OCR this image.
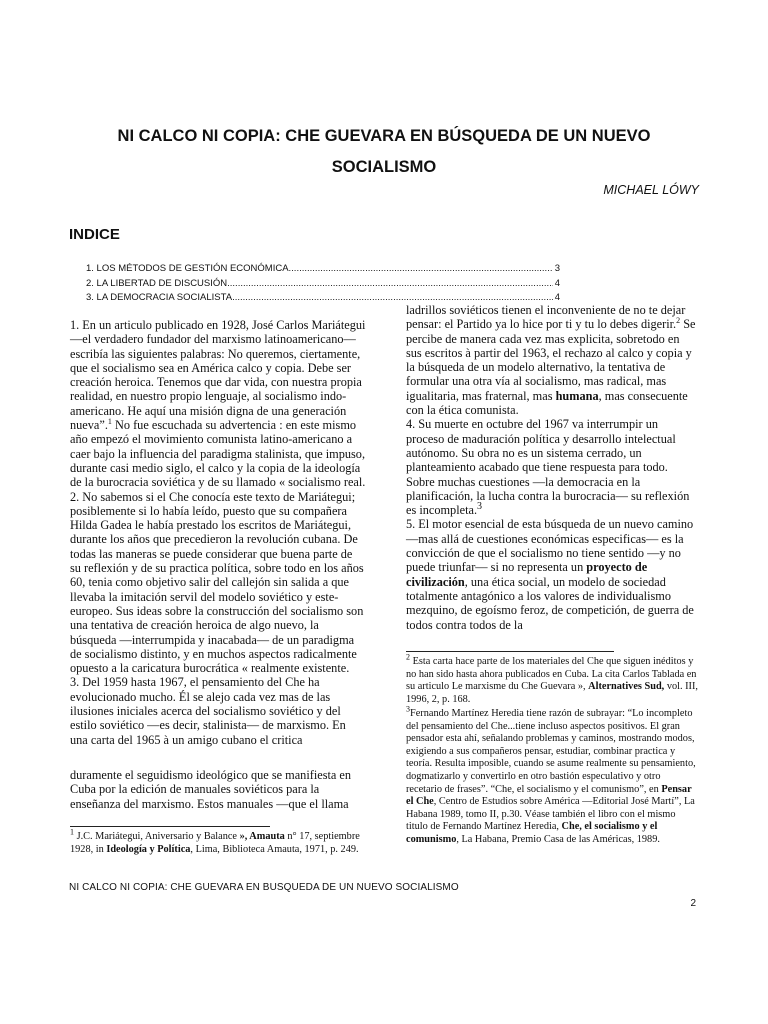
NI CALCO NI COPIA: CHE GUEVARA EN BÚSQUEDA DE UN NUEVO
SOCIALISMO
MICHAEL LÓWY
INDICE
1. LOS MÉTODOS DE GESTIÓN ECONÓMICA .....	3
2. LA LIBERTAD DE DISCUSIÓN .....	4
3. LA DEMOCRACIA SOCIALISTA .....	4

1. En un articulo publicado en 1928, José Carlos Mariátegui —el verdadero fundador del marxismo latinoamericano— escribía las siguientes palabras: No queremos, ciertamente, que el socialismo sea en América calco y copia. Debe ser creación heroica. Tenemos que dar vida, con nuestra propia realidad, en nuestro propio lenguaje, al socialismo indo-americano. He aquí una misión digna de una generación nueva”.$^1$ No fue escuchada su advertencia : en este mismo año empezó el movimiento comunista latino-americano a caer bajo la influencia del paradigma stalinista, que impuso, durante casi medio siglo, el calco y la copia de la ideología de la burocracia soviética y de su llamado « socialismo real.

2. No sabemos si el Che conocía este texto de Mariátegui; posiblemente si lo había leído, puesto que su compañera Hilda Gadea le había prestado los escritos de Mariátegui, durante los años que precedieron la revolución cubana. De todas las maneras se puede considerar que buena parte de su reflexión y de su practica política, sobre todo en los años 60, tenia como objetivo salir del callejón sin salida a que llevaba la imitación servil del modelo soviético y este-europeo. Sus ideas sobre la construcción del socialismo son una tentativa de creación heroica de algo nuevo, la búsqueda —interrumpida y inacabada— de un paradigma de socialismo distinto, y en muchos aspectos radicalmente opuesto a la caricatura burocrática « realmente existente.

3. Del 1959 hasta 1967, el pensamiento del Che ha evolucionado mucho. Él se alejo cada vez mas de las ilusiones iniciales acerca del socialismo soviético y del estilo soviético —es decir, stalinista— de marxismo. En una carta del 1965 à un amigo cubano el critica

duramente el seguidismo ideológico que se manifiesta en Cuba por la edición de manuales soviéticos para la enseñanza del marxismo. Estos manuales —que el llama

$^1$ J.C. Mariátegui, Aniversario y Balance », Amauta n° 17, septiembre 1928, in Ideología y Política, Lima, Biblioteca Amauta, 1971, p. 249.

ladrillos soviéticos tienen el inconveniente de no te dejar pensar: el Partido ya lo hice por ti y tu lo debes digerir.$^2$ Se percibe de manera cada vez mas explicita, sobretodo en sus escritos à partir del 1963, el rechazo al calco y copia y la búsqueda de un modelo alternativo, la tentativa de formular una otra vía al socialismo, mas radical, mas igualitaria, mas fraternal, mas humana, mas consecuente con la ética comunista.

4. Su muerte en octubre del 1967 va interrumpir un proceso de maduración política y desarrollo intelectual autónomo. Su obra no es un sistema cerrado, un planteamiento acabado que tiene respuesta para todo. Sobre muchas cuestiones —la democracia en la planificación, la lucha contra la burocracia— su reflexión es incompleta.$^3$

5. El motor esencial de esta búsqueda de un nuevo camino —mas allá de cuestiones económicas especificas— es la convicción de que el socialismo no tiene sentido —y no puede triunfar— si no representa un proyecto de civilización, una ética social, un modelo de sociedad totalmente antagónico a los valores de individualismo mezquino, de egoísmo feroz, de competición, de guerra de todos contra todos de la

$^2$ Esta carta hace parte de los materiales del Che que siguen inéditos y no han sido hasta ahora publicados en Cuba. La cita Carlos Tablada en su articulo Le marxisme du Che Guevara », Alternatives Sud, vol. III, 1996, 2, p. 168.

$^3$Fernando Martínez Heredia tiene razón de subrayar: “Lo incompleto del pensamiento del Che...tiene incluso aspectos positivos. El gran pensador esta ahí, señalando problemas y caminos, mostrando modos, exigiendo a sus compañeros pensar, estudiar, combinar practica y teoría. Resulta imposible, cuando se asume realmente su pensamiento, dogmatizarlo y convertirlo en otro bastión especulativo y otro recetario de frases”. “Che, el socialismo y el comunismo”, en Pensar el Che, Centro de Estudios sobre América —Editorial José Martí”, La Habana 1989, tomo II, p.30. Véase también el libro con el mismo titulo de Fernando Martínez Heredia, Che, el socialismo y el comunismo, La Habana, Premio Casa de las Américas, 1989.

NI CALCO NI COPIA: CHE GUEVARA EN BUSQUEDA DE UN NUEVO SOCIALISMO
2
